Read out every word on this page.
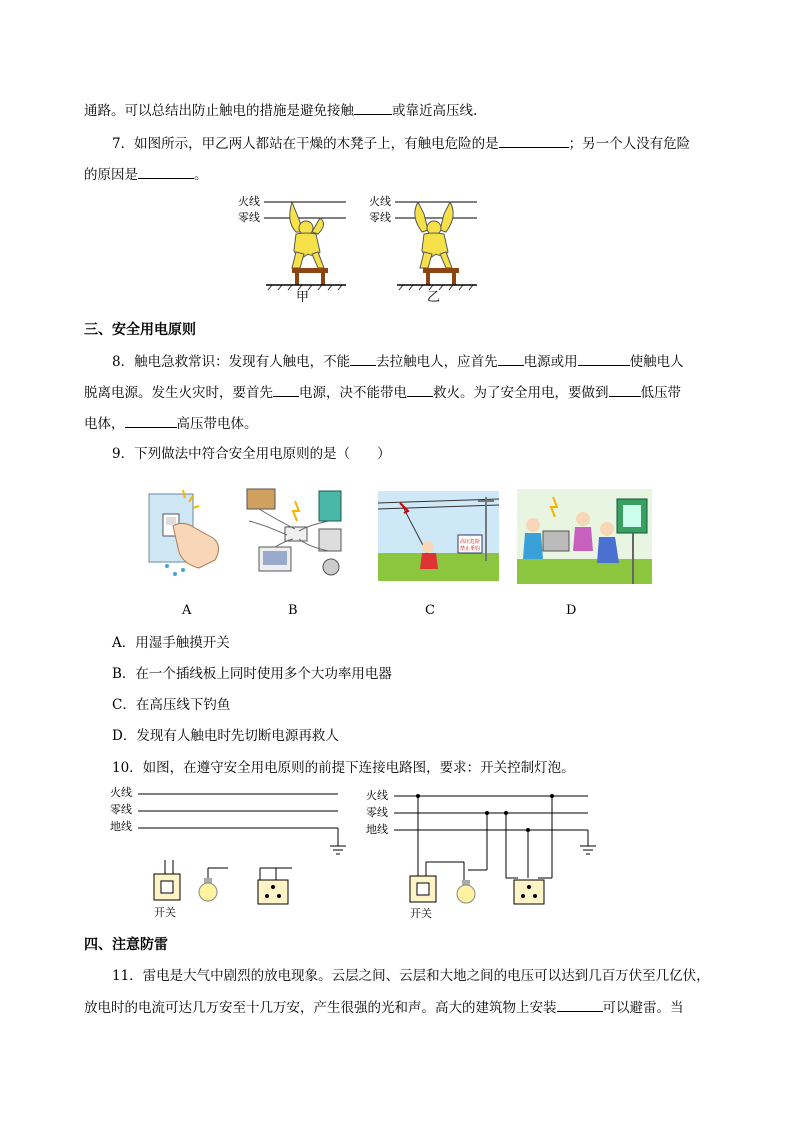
通路。可以总结出防止触电的措施是避免接触	或靠近高压线.
7．如图所示，甲乙两人都站在干燥的木凳子上，有触电危险的是	；另一个人没有危险
的原因是	。
火线
零线
火线
零线
甲	乙
三、安全用电原则
8．触电急救常识：发现有人触电，不能 去拉触电人，应首先 电源或用	使触电人
脱离电源。发生火灾时，要首先 电源，决不能带电 救火。为了安全用电，要做到 低压带
电体，	高压带电体。
9．下列做法中符合安全用电原则的是（　　）
高压危险
禁止垂钓
A	B	C	D
A．用湿手触摸开关
B．在一个插线板上同时使用多个大功率用电器
C．在高压线下钓鱼
D．发现有人触电时先切断电源再救人
10．如图，在遵守安全用电原则的前提下连接电路图，要求：开关控制灯泡。
火线
零线
地线
开关
火线
零线
地线
开关
四、注意防雷
11．雷电是大气中剧烈的放电现象。云层之间、云层和大地之间的电压可以达到几百万伏至几亿伏，
放电时的电流可达几万安至十几万安，产生很强的光和声。高大的建筑物上安装	可以避雷。当
